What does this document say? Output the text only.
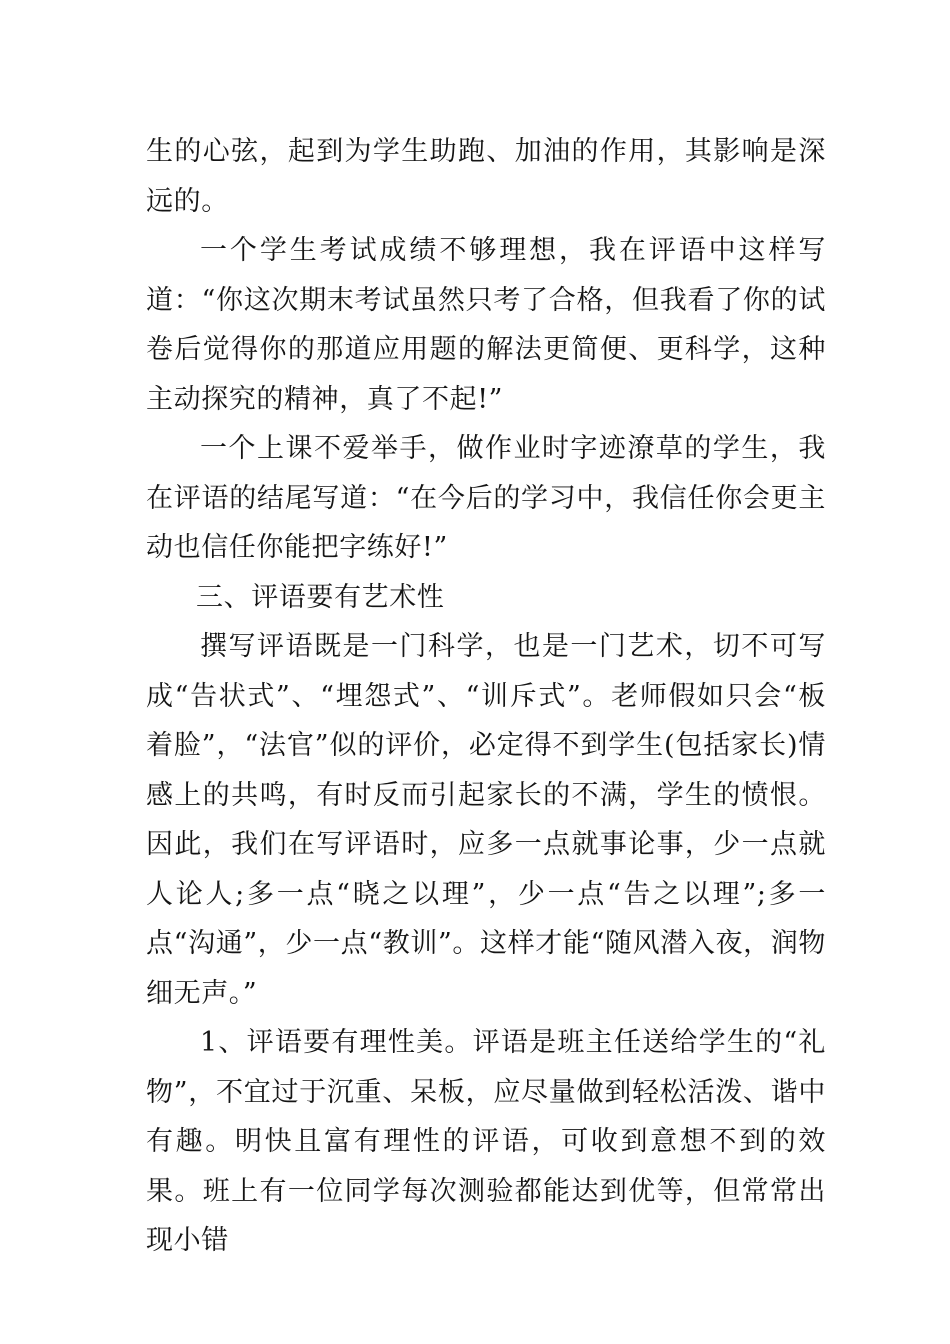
生的心弦，起到为学生助跑、加油的作用，其影响是深远的。

一个学生考试成绩不够理想，我在评语中这样写道：“你这次期末考试虽然只考了合格，但我看了你的试卷后觉得你的那道应用题的解法更简便、更科学，这种主动探究的精神，真了不起!”

一个上课不爱举手，做作业时字迹潦草的学生，我在评语的结尾写道：“在今后的学习中，我信任你会更主动也信任你能把字练好!”

三、评语要有艺术性

撰写评语既是一门科学，也是一门艺术，切不可写成“告状式”、“埋怨式”、“训斥式”。老师假如只会“板着脸”，“法官”似的评价，必定得不到学生(包括家长)情感上的共鸣，有时反而引起家长的不满，学生的愤恨。因此，我们在写评语时，应多一点就事论事，少一点就人论人;多一点“晓之以理”，少一点“告之以理”;多一点“沟通”，少一点“教训”。这样才能“随风潜入夜，润物细无声。”

1、评语要有理性美。评语是班主任送给学生的“礼物”，不宜过于沉重、呆板，应尽量做到轻松活泼、谐中有趣。明快且富有理性的评语，可收到意想不到的效果。班上有一位同学每次测验都能达到优等，但常常出现小错
